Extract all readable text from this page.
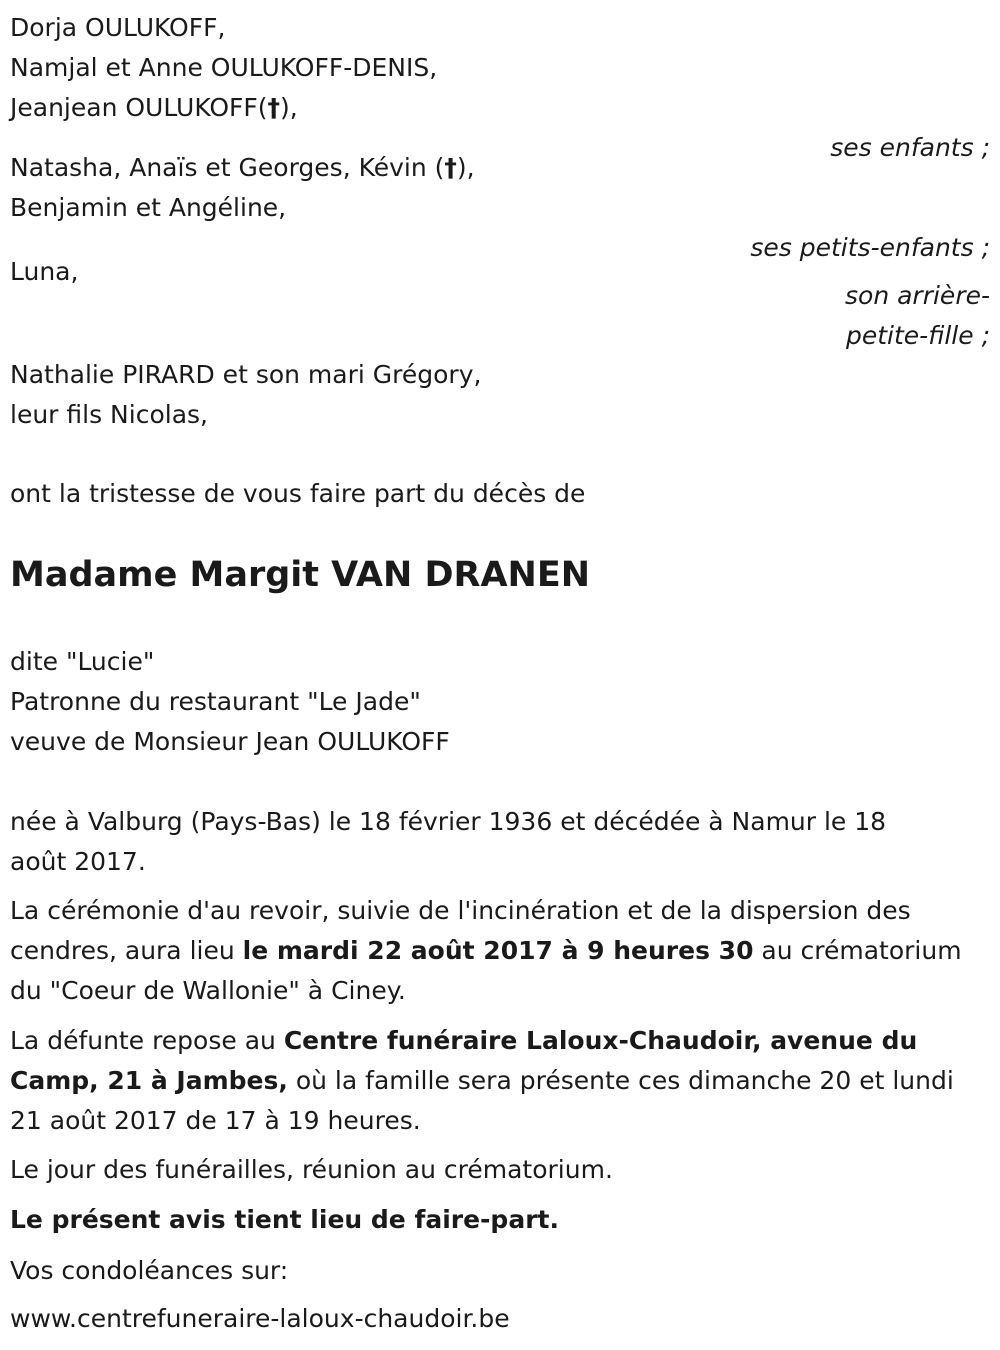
Dorja OULUKOFF,
Namjal et Anne OULUKOFF-DENIS,
Jeanjean OULUKOFF(†),
ses enfants ;
Natasha, Anaïs et Georges, Kévin (†),
Benjamin et Angéline,
ses petits-enfants ;
Luna,
son arrière-
petite-fille ;
Nathalie PIRARD et son mari Grégory,
leur fils Nicolas,
ont la tristesse de vous faire part du décès de
Madame Margit VAN DRANEN
dite "Lucie"
Patronne du restaurant "Le Jade"
veuve de Monsieur Jean OULUKOFF
née à Valburg (Pays-Bas) le 18 février 1936 et décédée à Namur le 18
août 2017.
La cérémonie d'au revoir, suivie de l'incinération et de la dispersion des
cendres, aura lieu le mardi 22 août 2017 à 9 heures 30 au crématorium
du "Coeur de Wallonie" à Ciney.
La défunte repose au Centre funéraire Laloux-Chaudoir, avenue du
Camp, 21 à Jambes, où la famille sera présente ces dimanche 20 et lundi
21 août 2017 de 17 à 19 heures.
Le jour des funérailles, réunion au crématorium.
Le présent avis tient lieu de faire-part.
Vos condoléances sur:
www.centrefuneraire-laloux-chaudoir.be
